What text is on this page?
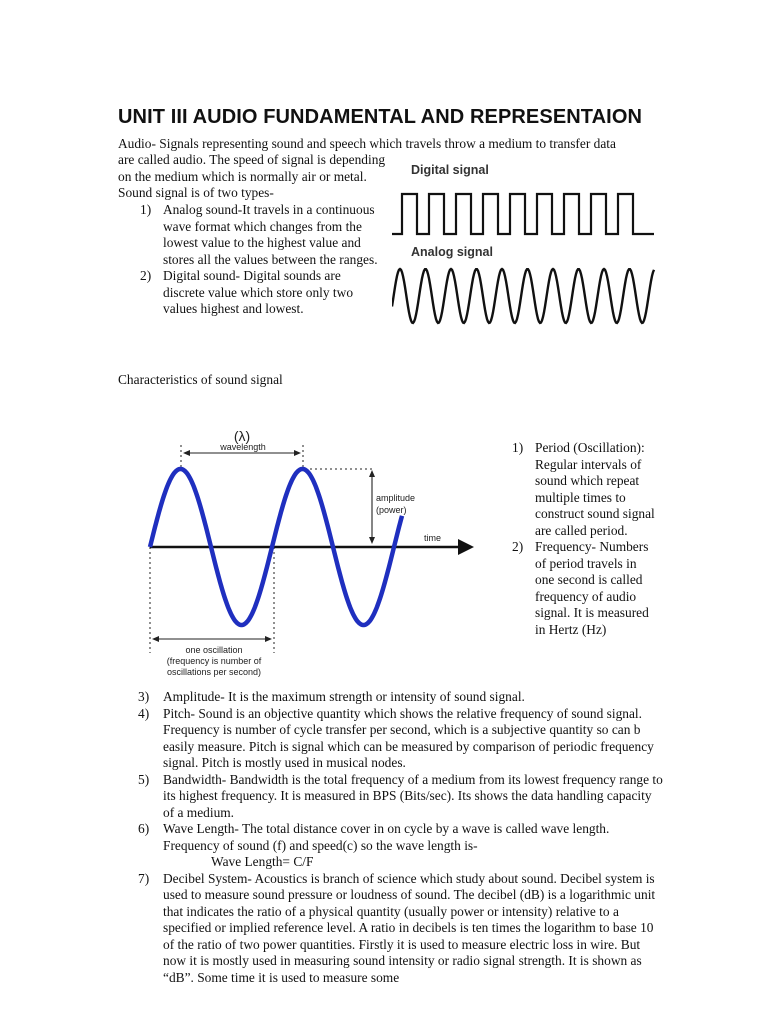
UNIT III AUDIO FUNDAMENTAL AND REPRESENTAION

Audio- Signals representing sound and speech which travels throw a medium to transfer data

are called audio. The speed of signal is depending on the medium which is normally air or metal. Sound signal is of two types-

1) Analog sound-It travels in a continuous wave format which changes from the lowest value to the highest value and stores all the values between the ranges.
2) Digital sound- Digital sounds are discrete value which store only two values highest and lowest.
Digital signal
Analog signal

Characteristics of sound signal

(λ)
wavelength
amplitude
(power)
time
one oscillation
(frequency is number of
oscillations per second)
1) Period (Oscillation): Regular intervals of sound which repeat multiple times to construct sound signal are called period.
2) Frequency- Numbers of period travels in one second is called frequency of audio signal. It is measured in Hertz (Hz)
3) Amplitude- It is the maximum strength or intensity of sound signal.
4) Pitch- Sound is an objective quantity which shows the relative frequency of sound signal. Frequency is number of cycle transfer per second, which is a subjective quantity so can b easily measure. Pitch is signal which can be measured by comparison of periodic frequency signal. Pitch is mostly used in musical nodes.
5) Bandwidth- Bandwidth is the total frequency of a medium from its lowest frequency range to its highest frequency. It is measured in BPS (Bits/sec). Its shows the data handling capacity of a medium.
6) Wave Length- The total distance cover in on cycle by a wave is called wave length. Frequency of sound (f) and speed(c) so the wave length is-
Wave Length= C/F
7) Decibel System- Acoustics is branch of science which study about sound. Decibel system is used to measure sound pressure or loudness of sound. The decibel (dB) is a logarithmic unit that indicates the ratio of a physical quantity (usually power or intensity) relative to a specified or implied reference level. A ratio in decibels is ten times the logarithm to base 10 of the ratio of two power quantities. Firstly it is used to measure electric loss in wire. But now it is mostly used in measuring sound intensity or radio signal strength. It is shown as “dB”. Some time it is used to measure some
